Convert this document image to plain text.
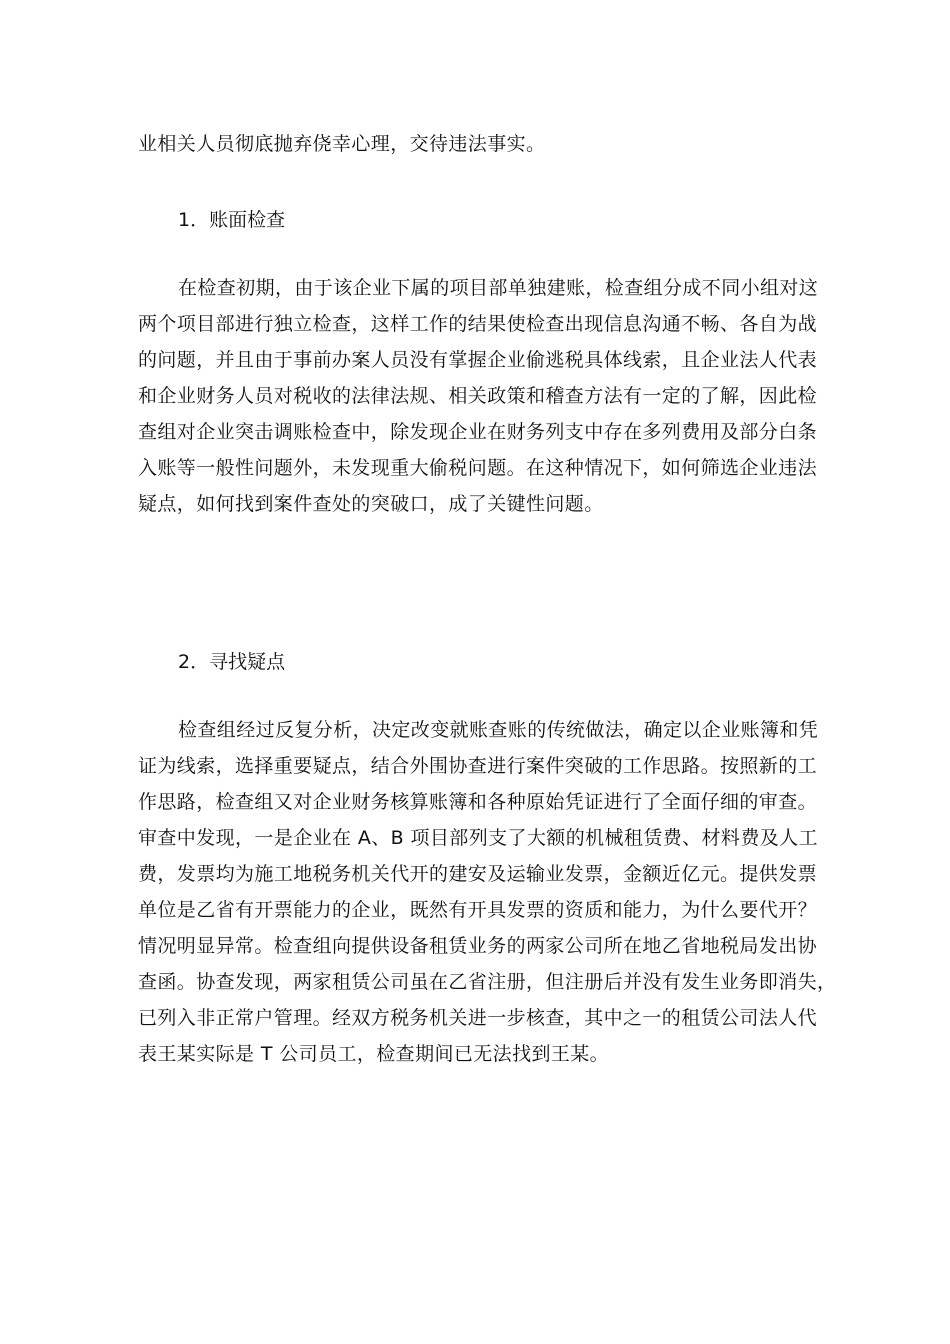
业相关人员彻底抛弃侥幸心理，交待违法事实。
1．账面检查
在检查初期，由于该企业下属的项目部单独建账，检查组分成不同小组对这
两个项目部进行独立检查，这样工作的结果使检查出现信息沟通不畅、各自为战
的问题，并且由于事前办案人员没有掌握企业偷逃税具体线索，且企业法人代表
和企业财务人员对税收的法律法规、相关政策和稽查方法有一定的了解，因此检
查组对企业突击调账检查中，除发现企业在财务列支中存在多列费用及部分白条
入账等一般性问题外，未发现重大偷税问题。在这种情况下，如何筛选企业违法
疑点，如何找到案件查处的突破口，成了关键性问题。
2．寻找疑点
检查组经过反复分析，决定改变就账查账的传统做法，确定以企业账簿和凭
证为线索，选择重要疑点，结合外围协查进行案件突破的工作思路。按照新的工
作思路，检查组又对企业财务核算账簿和各种原始凭证进行了全面仔细的审查。
审查中发现，一是企业在 A、B 项目部列支了大额的机械租赁费、材料费及人工
费，发票均为施工地税务机关代开的建安及运输业发票，金额近亿元。提供发票
单位是乙省有开票能力的企业，既然有开具发票的资质和能力，为什么要代开？
情况明显异常。检查组向提供设备租赁业务的两家公司所在地乙省地税局发出协
查函。协查发现，两家租赁公司虽在乙省注册，但注册后并没有发生业务即消失，
已列入非正常户管理。经双方税务机关进一步核查，其中之一的租赁公司法人代
表王某实际是 T 公司员工，检查期间已无法找到王某。
